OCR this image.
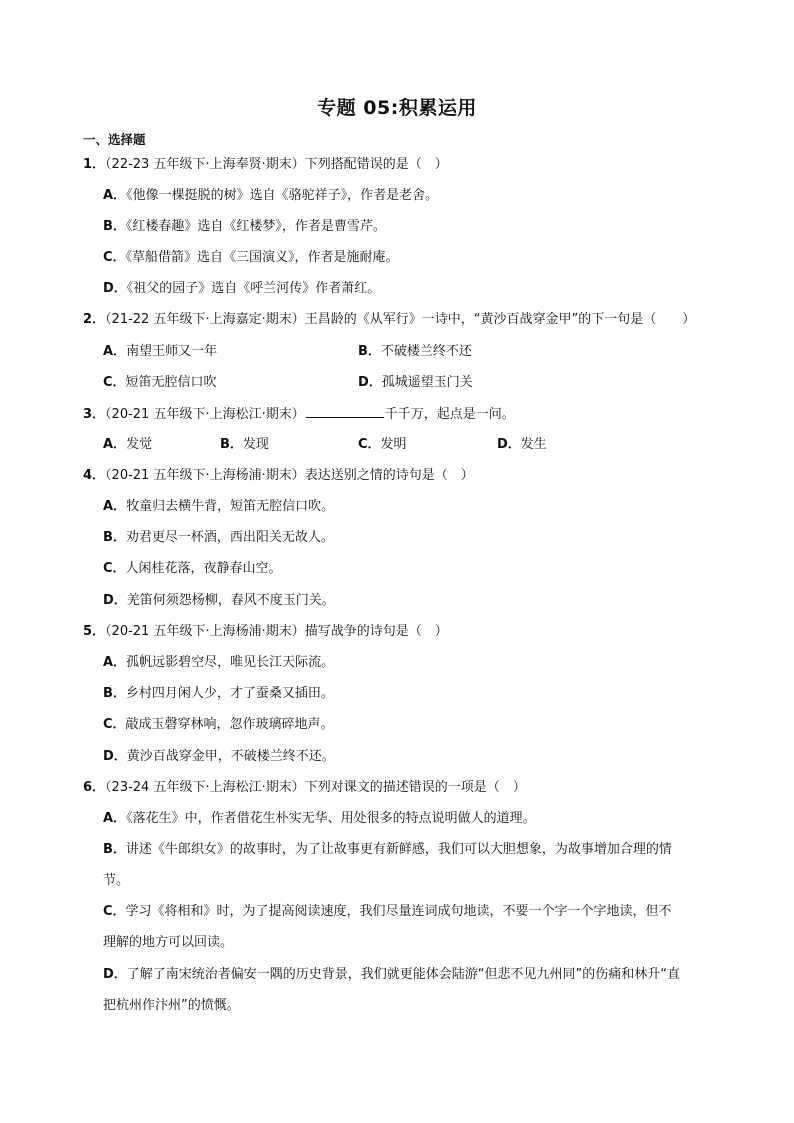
专题 05:积累运用
一、选择题
1．（22-23 五年级下·上海奉贤·期末）下列搭配错误的是（　）
A．《他像一棵挺脱的树》选自《骆驼祥子》，作者是老舍。
B．《红楼春趣》选自《红楼梦》，作者是曹雪芹。
C．《草船借箭》选自《三国演义》，作者是施耐庵。
D．《祖父的园子》选自《呼兰河传》作者萧红。
2．（21-22 五年级下·上海嘉定·期末）王昌龄的《从军行》一诗中，“黄沙百战穿金甲”的下一句是（　　）
A．南望王师又一年	B．不破楼兰终不还
C．短笛无腔信口吹	D．孤城遥望玉门关
3．（20-21 五年级下·上海松江·期末）	千千万，起点是一问。
A．发觉	B．发现	C．发明	D．发生
4．（20-21 五年级下·上海杨浦·期末）表达送别之情的诗句是（　）
A．牧童归去横牛背，短笛无腔信口吹。
B．劝君更尽一杯酒，西出阳关无故人。
C．人闲桂花落，夜静春山空。
D．羌笛何须怨杨柳，春风不度玉门关。
5．（20-21 五年级下·上海杨浦·期末）描写战争的诗句是（　）
A．孤帆远影碧空尽，唯见长江天际流。
B．乡村四月闲人少，才了蚕桑又插田。
C．敲成玉磬穿林响，忽作玻璃碎地声。
D．黄沙百战穿金甲，不破楼兰终不还。
6．（23-24 五年级下·上海松江·期末）下列对课文的描述错误的一项是（　）
A．《落花生》中，作者借花生朴实无华、用处很多的特点说明做人的道理。
B．讲述《牛郎织女》的故事时，为了让故事更有新鲜感，我们可以大胆想象，为故事增加合理的情
节。
C．学习《将相和》时，为了提高阅读速度，我们尽量连词成句地读，不要一个字一个字地读，但不
理解的地方可以回读。
D．了解了南宋统治者偏安一隅的历史背景，我们就更能体会陆游“但悲不见九州同”的伤痛和林升“直
把杭州作汴州”的愤慨。
